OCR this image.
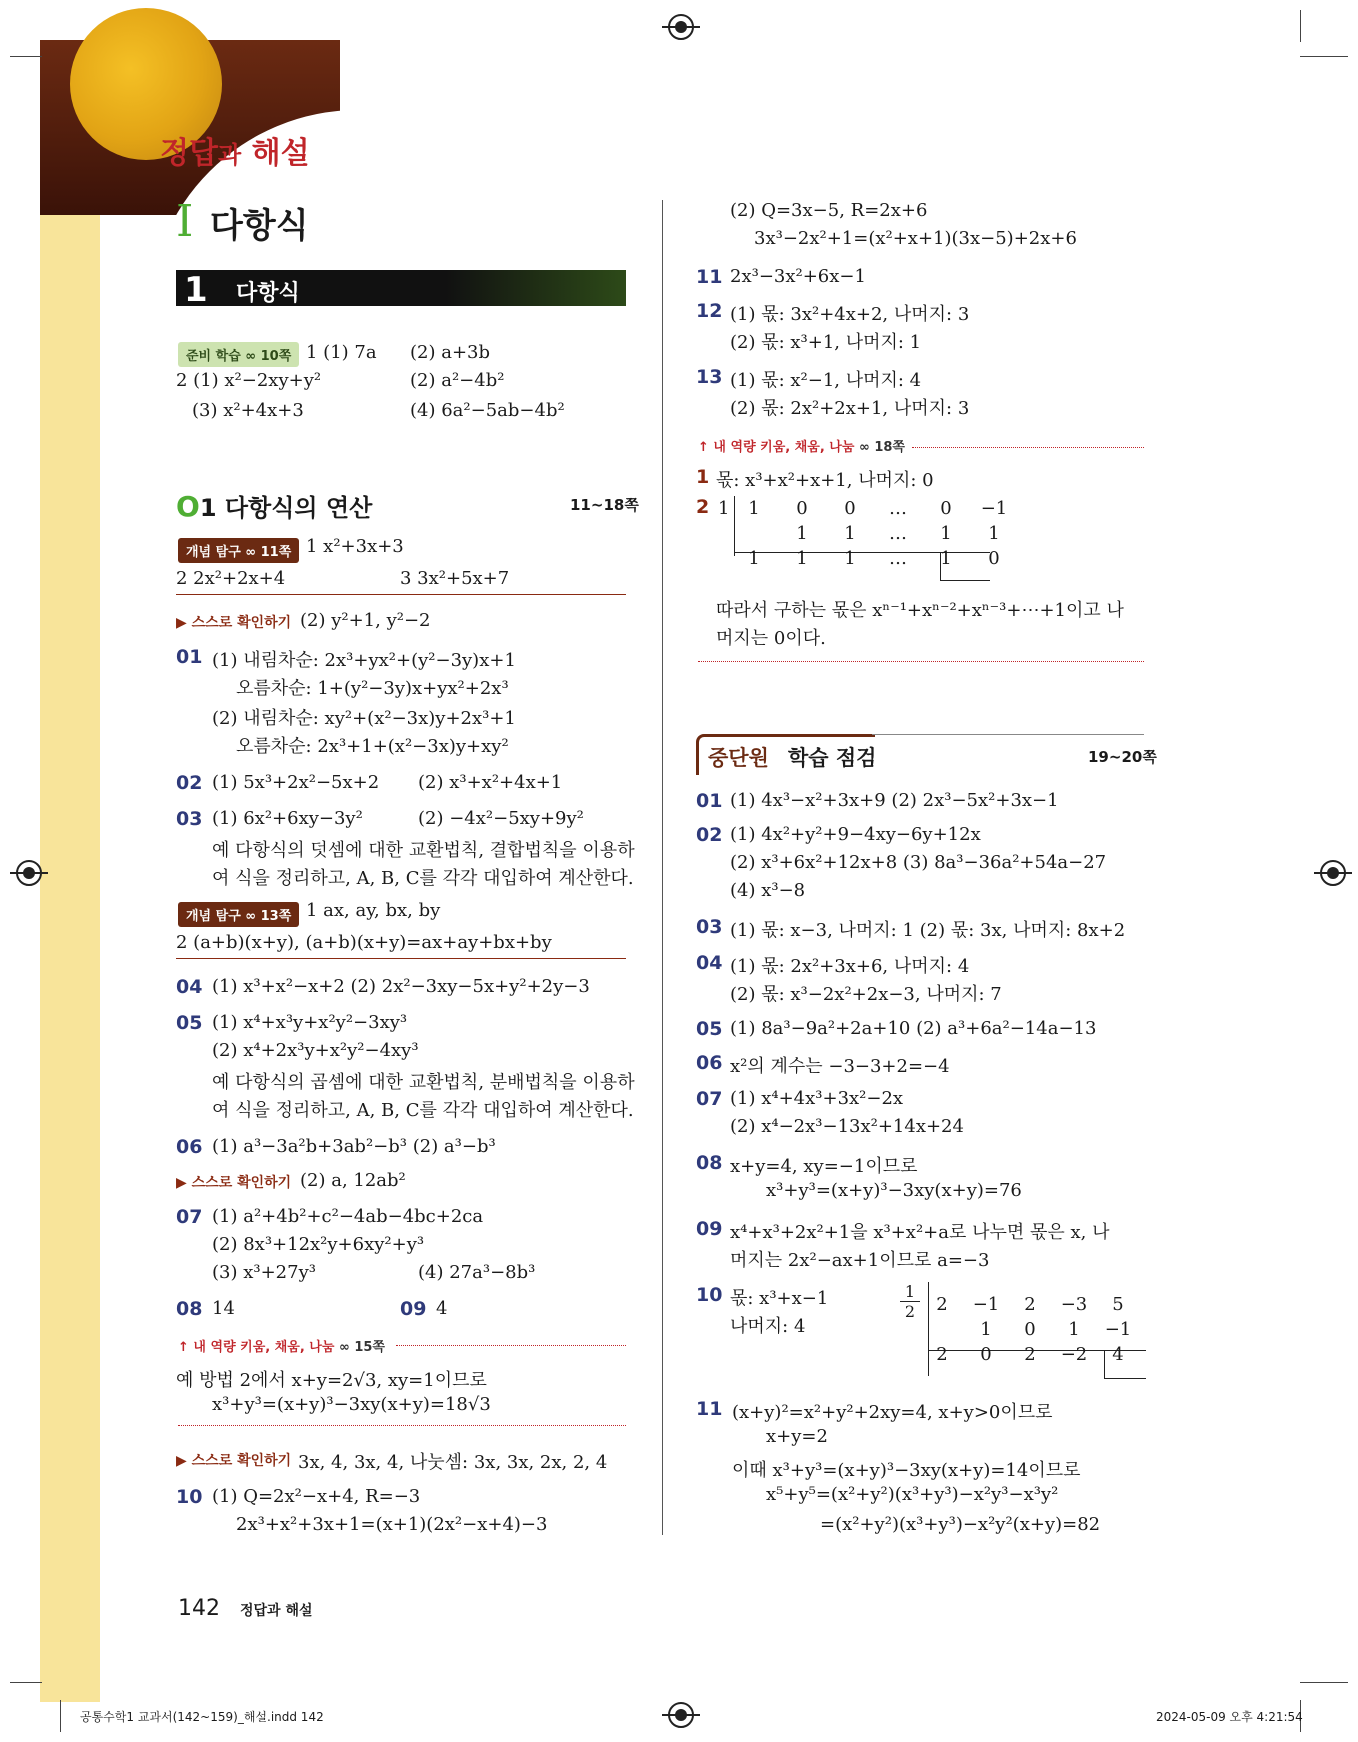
정답과 해설
I 다항식
1	다항식
준비 학습 ∞ 10쪽 1 (1) 7a (2) a+3b
2 (1) x²−2xy+y²	(2) a²−4b²
(3) x²+4x+3	(4) 6a²−5ab−4b²
O1 다항식의 연산	11~18쪽
개념 탐구 ∞ 11쪽 1 x²+3x+3
2 2x²+2x+4	3 3x²+5x+7
▶ 스스로 확인하기 (2) y²+1, y²−2
01 (1) 내림차순: 2x³+yx²+(y²−3y)x+1
오름차순: 1+(y²−3y)x+yx²+2x³
(2) 내림차순: xy²+(x²−3x)y+2x³+1
오름차순: 2x³+1+(x²−3x)y+xy²
02 (1) 5x³+2x²−5x+2 (2) x³+x²+4x+1
03 (1) 6x²+6xy−3y²	(2) −4x²−5xy+9y²
예 다항식의 덧셈에 대한 교환법칙, 결합법칙을 이용하
여 식을 정리하고, A, B, C를 각각 대입하여 계산한다.
개념 탐구 ∞ 13쪽 1 ax, ay, bx, by
2 (a+b)(x+y), (a+b)(x+y)=ax+ay+bx+by
04 (1) x³+x²−x+2 (2) 2x²−3xy−5x+y²+2y−3
05 (1) x⁴+x³y+x²y²−3xy³
(2) x⁴+2x³y+x²y²−4xy³
예 다항식의 곱셈에 대한 교환법칙, 분배법칙을 이용하
여 식을 정리하고, A, B, C를 각각 대입하여 계산한다.
06 (1) a³−3a²b+3ab²−b³ (2) a³−b³
▶ 스스로 확인하기 (2) a, 12ab²
07 (1) a²+4b²+c²−4ab−4bc+2ca
(2) 8x³+12x²y+6xy²+y³
(3) x³+27y³	(4) 27a³−8b³
08 14	09 4
↑ 내 역량 키움, 채움, 나눔 ∞ 15쪽
예 방법 2에서 x+y=2√3, xy=1이므로
x³+y³=(x+y)³−3xy(x+y)=18√3
▶ 스스로 확인하기 3x, 4, 3x, 4, 나눗셈: 3x, 3x, 2x, 2, 4
10 (1) Q=2x²−x+4, R=−3
2x³+x²+3x+1=(x+1)(2x²−x+4)−3
(2) Q=3x−5, R=2x+6
3x³−2x²+1=(x²+x+1)(3x−5)+2x+6
11 2x³−3x²+6x−1
12 (1) 몫: 3x²+4x+2, 나머지: 3
(2) 몫: x³+1, 나머지: 1
13 (1) 몫: x²−1, 나머지: 4
(2) 몫: 2x²+2x+1, 나머지: 3
↑ 내 역량 키움, 채움, 나눔 ∞ 18쪽
1 몫: x³+x²+x+1, 나머지: 0
2 1 1	0	0	…	0	−1
	1	1	…	1	1
1	1	1	…	1	0
따라서 구하는 몫은 xⁿ⁻¹+xⁿ⁻²+xⁿ⁻³+⋯+1이고 나
머지는 0이다.
중단원 학습 점검	19~20쪽
01 (1) 4x³−x²+3x+9 (2) 2x³−5x²+3x−1
02 (1) 4x²+y²+9−4xy−6y+12x
(2) x³+6x²+12x+8 (3) 8a³−36a²+54a−27
(4) x³−8
03 (1) 몫: x−3, 나머지: 1 (2) 몫: 3x, 나머지: 8x+2
04 (1) 몫: 2x²+3x+6, 나머지: 4
(2) 몫: x³−2x²+2x−3, 나머지: 7
05 (1) 8a³−9a²+2a+10 (2) a³+6a²−14a−13
06 x²의 계수는 −3−3+2=−4
07 (1) x⁴+4x³+3x²−2x
(2) x⁴−2x³−13x²+14x+24
08 x+y=4, xy=−1이므로
x³+y³=(x+y)³−3xy(x+y)=76
09 x⁴+x³+2x²+1을 x³+x²+a로 나누면 몫은 x, 나
머지는 2x²−ax+1이므로 a=−3
10 몫: x³+x−1
나머지: 4
$\frac{1}{2} 2$	−1	2	−3	5
	1	0	1	−1
2	0	2	−2	4
11 (x+y)²=x²+y²+2xy=4, x+y>0이므로
x+y=2
이때 x³+y³=(x+y)³−3xy(x+y)=14이므로
x⁵+y⁵=(x²+y²)(x³+y³)−x²y³−x³y²
=(x²+y²)(x³+y³)−x²y²(x+y)=82
142 정답과 해설
공통수학1 교과서(142~159)_해설.indd 142	2024-05-09 오후 4:21:54
